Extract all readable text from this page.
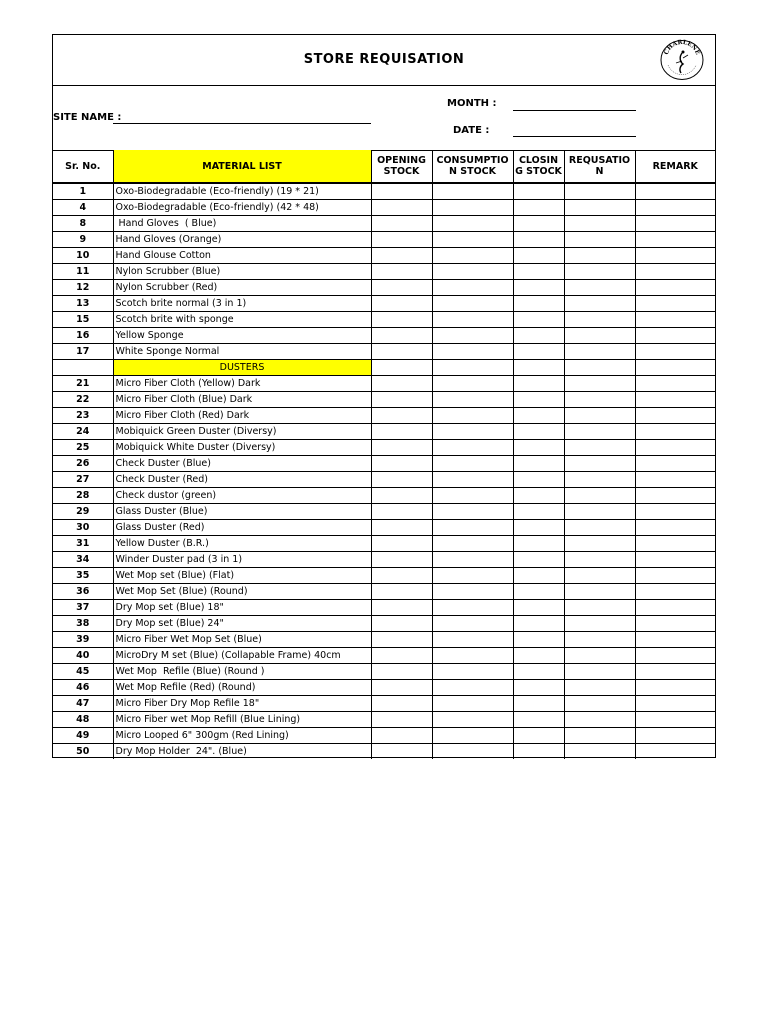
STORE REQUISATION	CHARLENE
SITE NAME :
MONTH :
DATE :
Sr. No.	MATERIAL LIST	OPENING STOCK	CONSUMPTIO N STOCK	CLOSIN G STOCK	REQUSATIO N	REMARK
1	Oxo-Biodegradable (Eco-friendly) (19 * 21)					
4	Oxo-Biodegradable (Eco-friendly) (42 * 48)					
8	Hand Gloves  ( Blue)					
9	Hand Gloves (Orange)					
10	Hand Glouse Cotton					
11	Nylon Scrubber (Blue)					
12	Nylon Scrubber (Red)					
13	Scotch brite normal (3 in 1)					
15	Scotch brite with sponge					
16	Yellow Sponge					
17	White Sponge Normal					
	DUSTERS					
21	Micro Fiber Cloth (Yellow) Dark					
22	Micro Fiber Cloth (Blue) Dark					
23	Micro Fiber Cloth (Red) Dark					
24	Mobiquick Green Duster (Diversy)					
25	Mobiquick White Duster (Diversy)					
26	Check Duster (Blue)					
27	Check Duster (Red)					
28	Check dustor (green)					
29	Glass Duster (Blue)					
30	Glass Duster (Red)					
31	Yellow Duster (B.R.)					
34	Winder Duster pad (3 in 1)					
35	Wet Mop set (Blue) (Flat)					
36	Wet Mop Set (Blue) (Round)					
37	Dry Mop set (Blue) 18"					
38	Dry Mop set (Blue) 24"					
39	Micro Fiber Wet Mop Set (Blue)					
40	MicroDry M set (Blue) (Collapable Frame) 40cm					
45	Wet Mop  Refile (Blue) (Round )					
46	Wet Mop Refile (Red) (Round)					
47	Micro Fiber Dry Mop Refile 18"					
48	Micro Fiber wet Mop Refill (Blue Lining)					
49	Micro Looped 6" 300gm (Red Lining)					
50	Dry Mop Holder  24". (Blue)					
